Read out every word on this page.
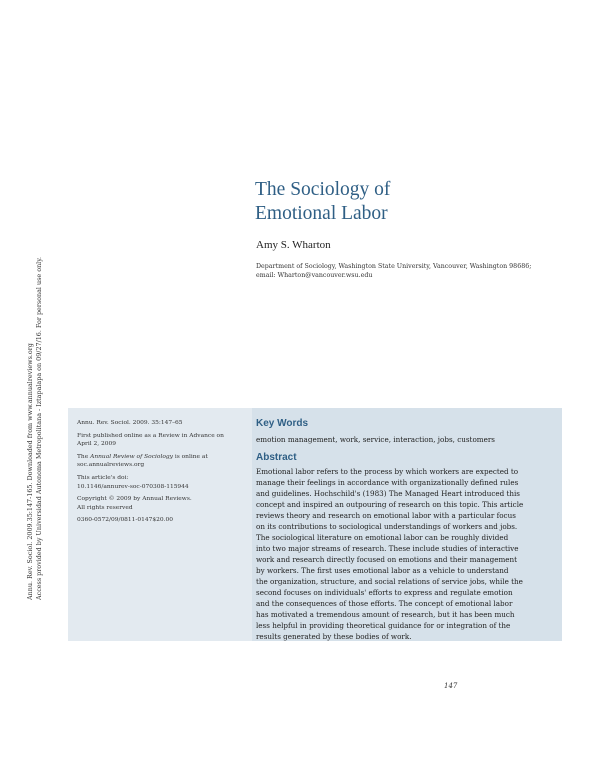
Annu. Rev. Sociol. 2009.35:147-165. Downloaded from www.annualreviews.org Access provided by Universidad Autonoma Metropolitana - Iztapalapa on 09/27/16. For personal use only.
The Sociology of
Emotional Labor
Amy S. Wharton
Department of Sociology, Washington State University, Vancouver, Washington 98686;
email: Wharton@vancouver.wsu.edu
Annu. Rev. Sociol. 2009. 35:147–65
First published online as a Review in Advance on
April 2, 2009
The Annual Review of Sociology is online at
soc.annualreviews.org
This article's doi:
10.1146/annurev-soc-070308-115944
Copyright © 2009 by Annual Reviews.
All rights reserved
0360-0572/09/0811-0147$20.00
Key Words
emotion management, work, service, interaction, jobs, customers
Abstract
Emotional labor refers to the process by which workers are expected to
manage their feelings in accordance with organizationally defined rules
and guidelines. Hochschild's (1983) The Managed Heart introduced this
concept and inspired an outpouring of research on this topic. This article
reviews theory and research on emotional labor with a particular focus
on its contributions to sociological understandings of workers and jobs.
The sociological literature on emotional labor can be roughly divided
into two major streams of research. These include studies of interactive
work and research directly focused on emotions and their management
by workers. The first uses emotional labor as a vehicle to understand
the organization, structure, and social relations of service jobs, while the
second focuses on individuals' efforts to express and regulate emotion
and the consequences of those efforts. The concept of emotional labor
has motivated a tremendous amount of research, but it has been much
less helpful in providing theoretical guidance for or integration of the
results generated by these bodies of work.
147
